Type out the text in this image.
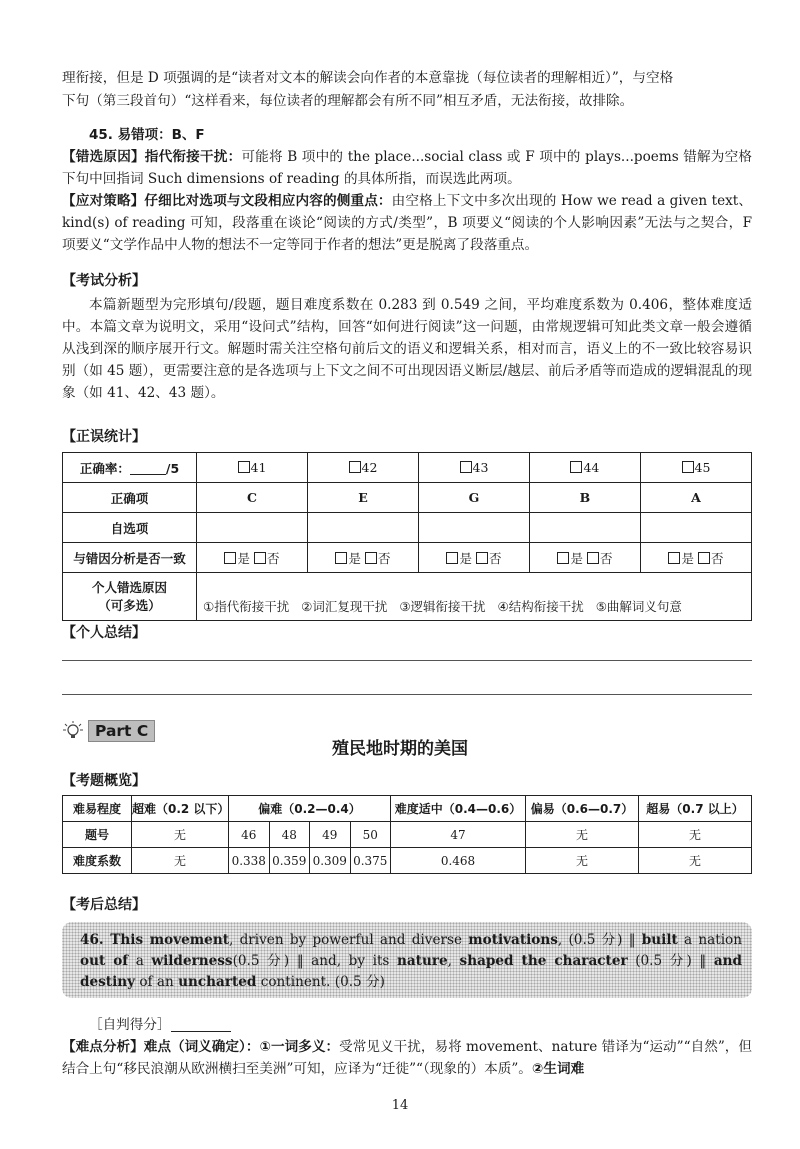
理衔接，但是 D 项强调的是“读者对文本的解读会向作者的本意靠拢（每位读者的理解相近）”，与空格

下句（第三段首句）“这样看来，每位读者的理解都会有所不同”相互矛盾，无法衔接，故排除。

45. 易错项：B、F

【错选原因】指代衔接干扰：可能将 B 项中的 the place...social class 或 F 项中的 plays...poems 错解为空格下句中回指词 Such dimensions of reading 的具体所指，而误选此两项。

【应对策略】仔细比对选项与文段相应内容的侧重点：由空格上下文中多次出现的 How we read a given text、kind(s) of reading 可知，段落重在谈论“阅读的方式/类型”，B 项要义“阅读的个人影响因素”无法与之契合，F 项要义“文学作品中人物的想法不一定等同于作者的想法”更是脱离了段落重点。

【考试分析】

本篇新题型为完形填句/段题，题目难度系数在 0.283 到 0.549 之间，平均难度系数为 0.406，整体难度适中。本篇文章为说明文，采用“设问式”结构，回答“如何进行阅读”这一问题，由常规逻辑可知此类文章一般会遵循从浅到深的顺序展开行文。解题时需关注空格句前后文的语义和逻辑关系，相对而言，语义上的不一致比较容易识别（如 45 题），更需要注意的是各选项与上下文之间不可出现因语义断层/越层、前后矛盾等而造成的逻辑混乱的现象（如 41、42、43 题）。

【正误统计】
正确率： /5	41	42	43	44	45
正确项	C	E	G	B	A
自选项					
与错因分析是否一致	是 否	是 否	是 否	是 否	是 否

个人错选原因
（可多选）	①指代衔接干扰 ②词汇复现干扰 ③逻辑衔接干扰 ④结构衔接干扰 ⑤曲解词义句意				
【个人总结】
Part C
殖民地时期的美国
【考题概览】
难易程度	超难（0.2 以下）	偏难（0.2—0.4）				难度适中（0.4—0.6）	偏易（0.6—0.7）	超易（0.7 以上）
题号	无	46	48	49	50	47	无	无
难度系数	无	0.338	0.359	0.309	0.375	0.468	无	无
【考后总结】

46. This movement, driven by powerful and diverse motivations, (0.5 分) ‖ built a nation out of a wilderness(0.5 分) ‖ and, by its nature, shaped the character (0.5 分) ‖ and destiny of an uncharted continent. (0.5 分)

［自判得分］

【难点分析】难点（词义确定）：①一词多义：受常见义干扰，易将 movement、nature 错译为“运动”“自然”，但结合上句“移民浪潮从欧洲横扫至美洲”可知，应译为“迁徙”“（现象的）本质”。②生词难

14
